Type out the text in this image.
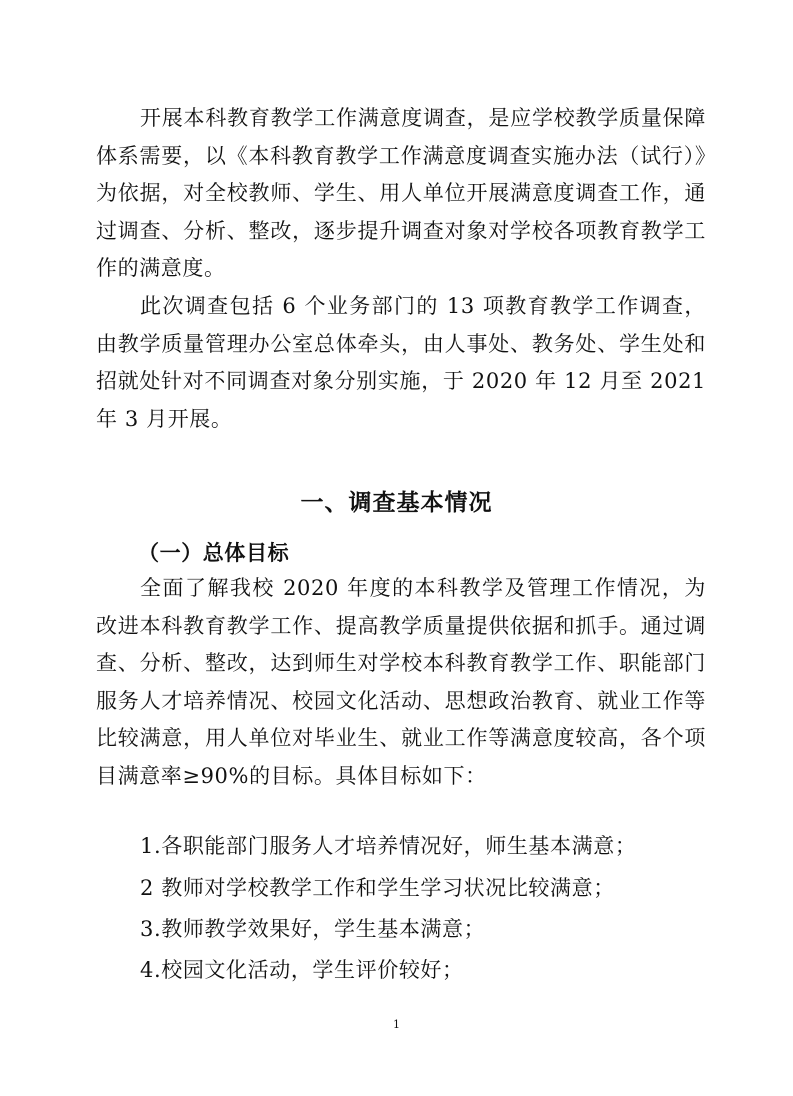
开展本科教育教学工作满意度调查，是应学校教学质量保障体系需要，以《本科教育教学工作满意度调查实施办法（试行）》为依据，对全校教师、学生、用人单位开展满意度调查工作，通过调查、分析、整改，逐步提升调查对象对学校各项教育教学工作的满意度。

此次调查包括 6 个业务部门的 13 项教育教学工作调查，由教学质量管理办公室总体牵头，由人事处、教务处、学生处和招就处针对不同调查对象分别实施，于 2020 年 12 月至 2021 年 3 月开展。

一、调查基本情况
（一）总体目标

全面了解我校 2020 年度的本科教学及管理工作情况，为改进本科教育教学工作、提高教学质量提供依据和抓手。通过调查、分析、整改，达到师生对学校本科教育教学工作、职能部门服务人才培养情况、校园文化活动、思想政治教育、就业工作等比较满意，用人单位对毕业生、就业工作等满意度较高，各个项目满意率≥90%的目标。具体目标如下：

1.各职能部门服务人才培养情况好，师生基本满意；
2 教师对学校教学工作和学生学习状况比较满意；
3.教师教学效果好，学生基本满意；
4.校园文化活动，学生评价较好；
1
